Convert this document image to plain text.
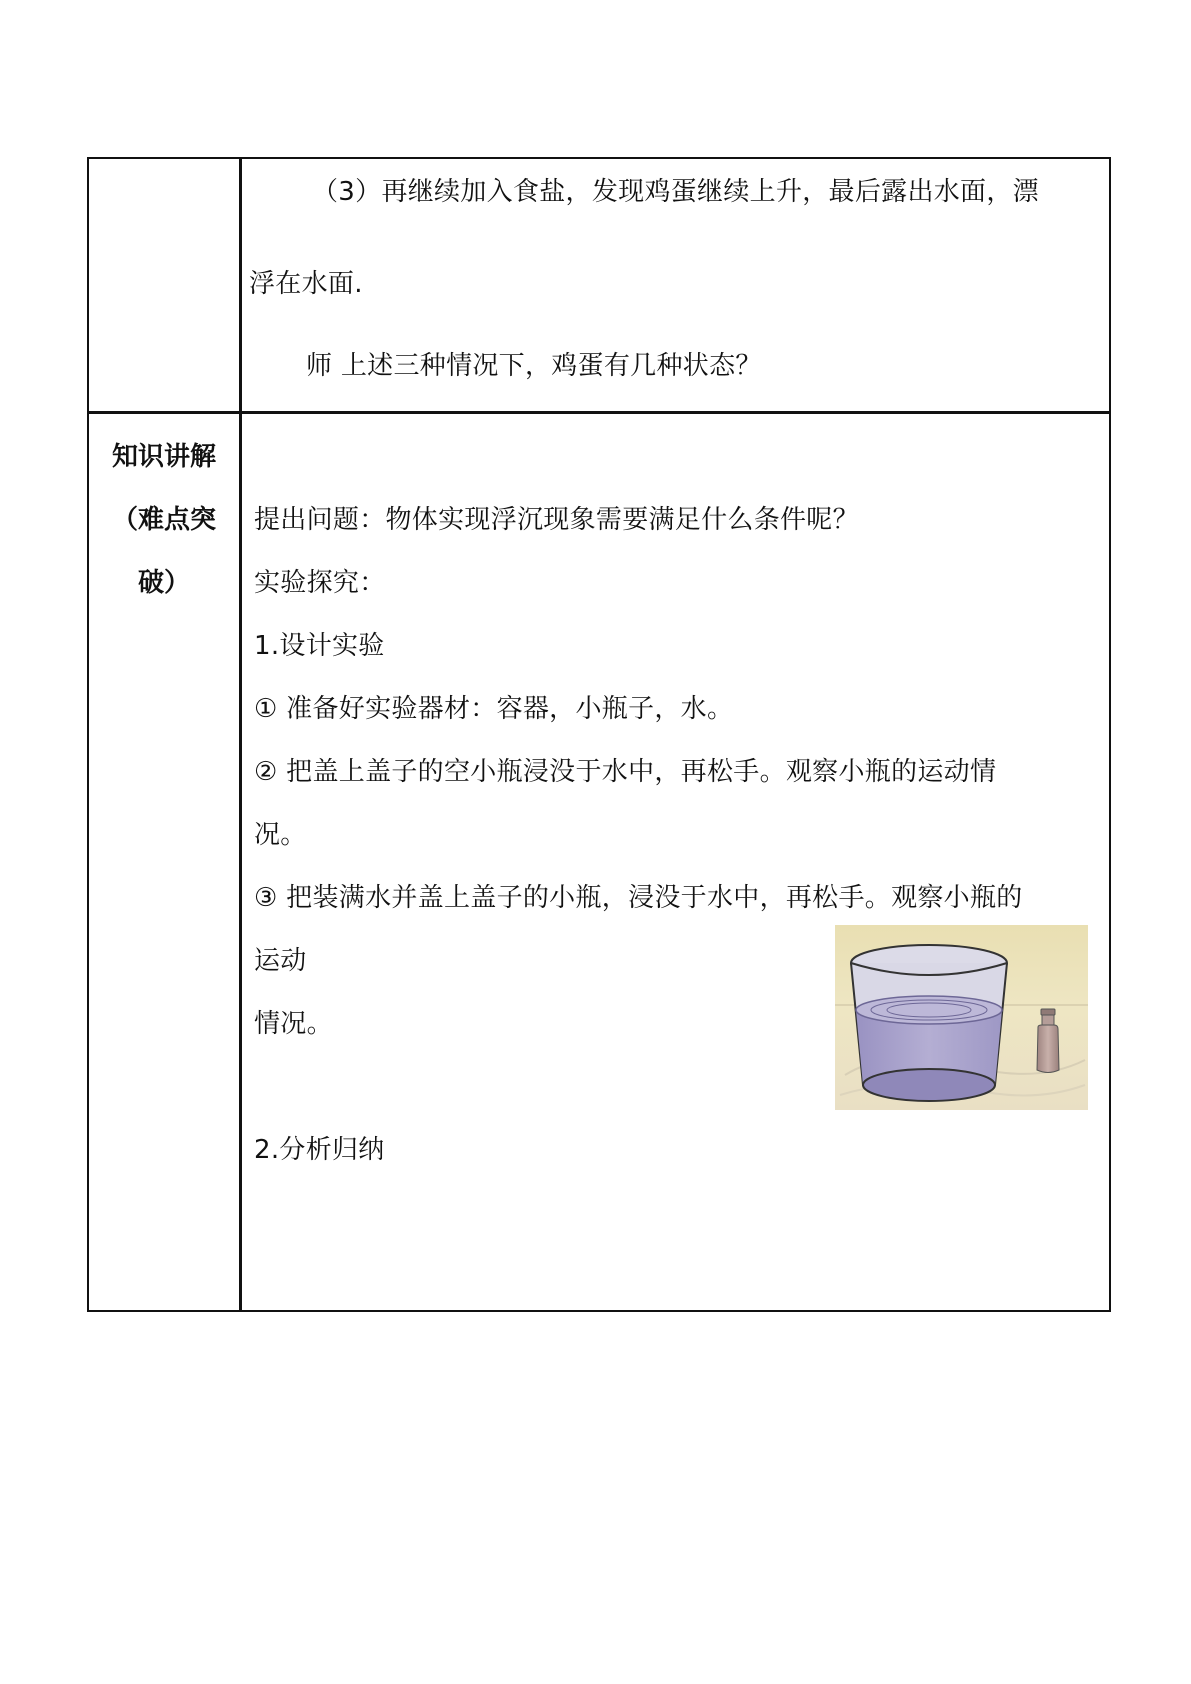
（3）再继续加入食盐，发现鸡蛋继续上升，最后露出水面，漂
浮在水面.
师 上述三种情况下，鸡蛋有几种状态？
知识讲解
（难点突
破）
提出问题：物体实现浮沉现象需要满足什么条件呢？
实验探究：
1.设计实验
① 准备好实验器材：容器，小瓶子，水。
② 把盖上盖子的空小瓶浸没于水中，再松手。观察小瓶的运动情
况。
③ 把装满水并盖上盖子的小瓶，浸没于水中，再松手。观察小瓶的
运动
情况。
2.分析归纳
